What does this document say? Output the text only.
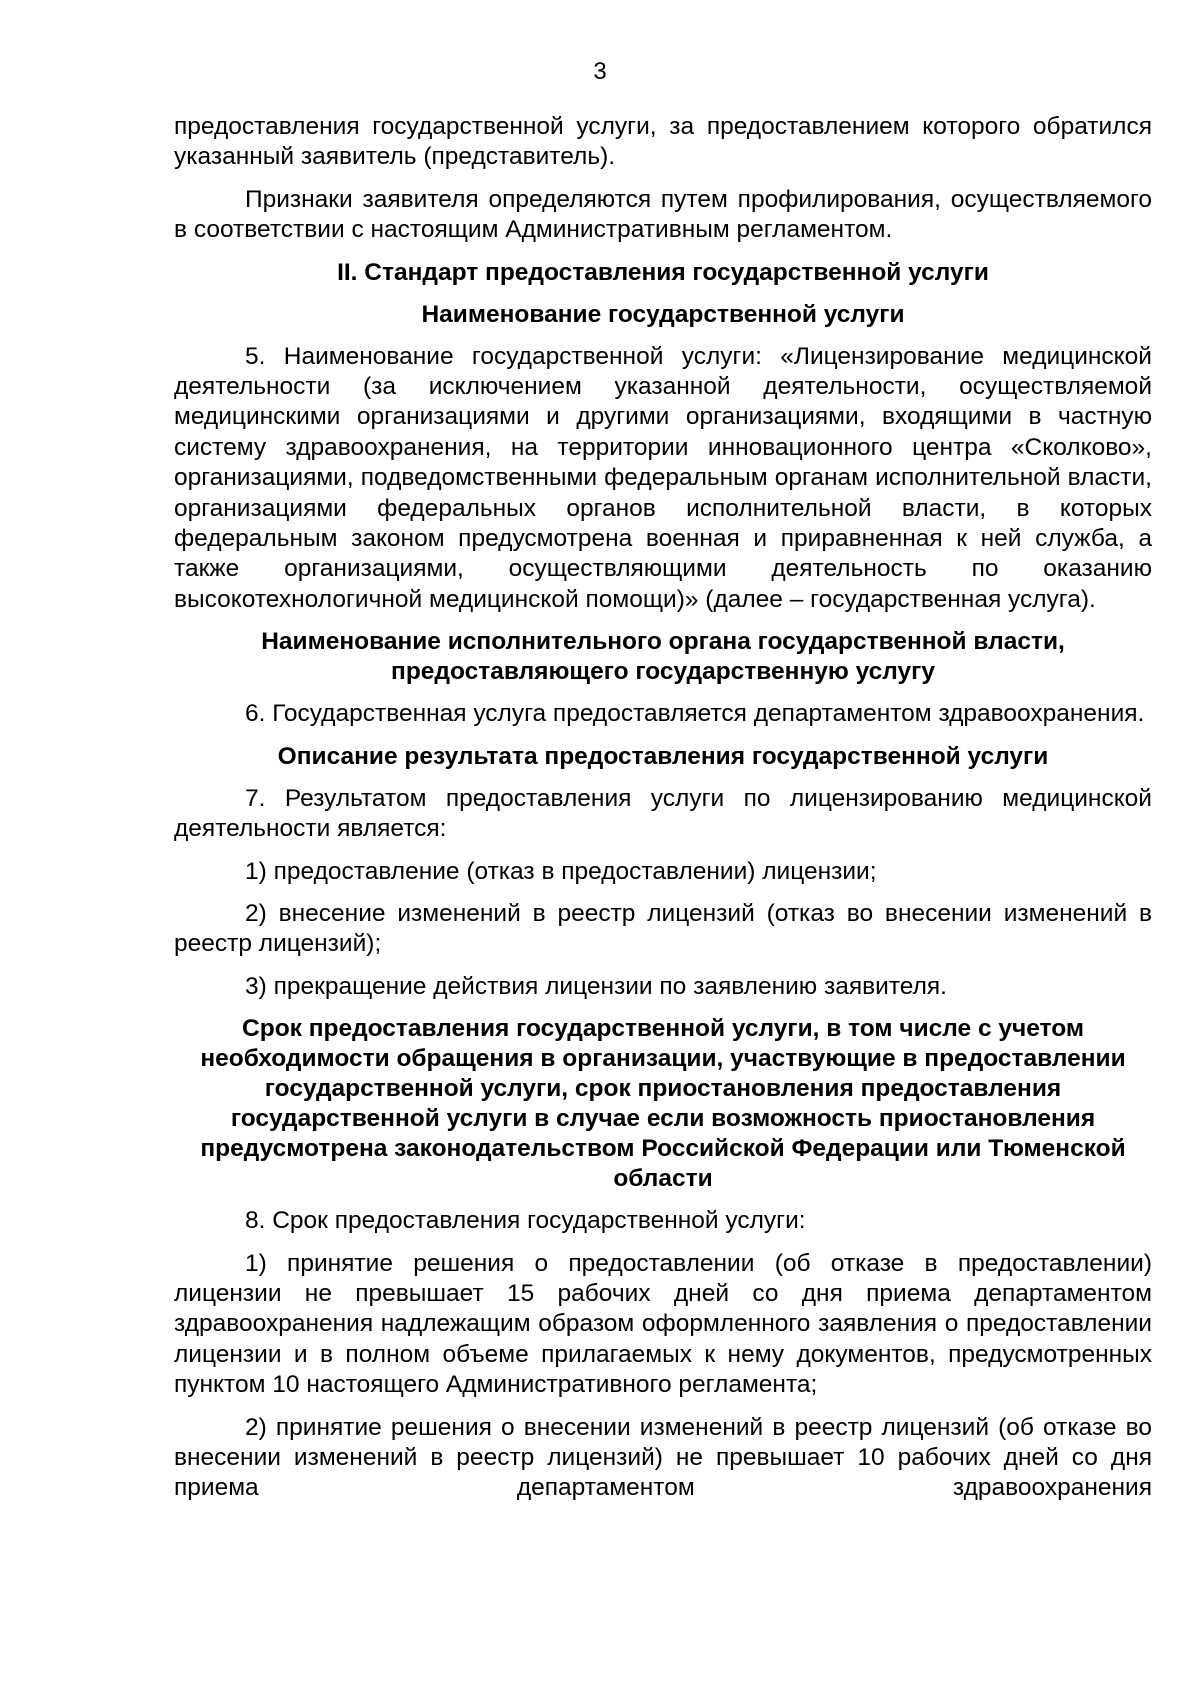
3

предоставления государственной услуги, за предоставлением которого обратился указанный заявитель (представитель).

Признаки заявителя определяются путем профилирования, осуществляемого в соответствии с настоящим Административным регламентом.

II. Стандарт предоставления государственной услуги
Наименование государственной услуги

5. Наименование государственной услуги: «Лицензирование медицинской деятельности (за исключением указанной деятельности, осуществляемой медицинскими организациями и другими организациями, входящими в частную систему здравоохранения, на территории инновационного центра «Сколково», организациями, подведомственными федеральным органам исполнительной власти, организациями федеральных органов исполнительной власти, в которых федеральным законом предусмотрена военная и приравненная к ней служба, а также организациями, осуществляющими деятельность по оказанию высокотехнологичной медицинской помощи)» (далее – государственная услуга).

Наименование исполнительного органа государственной власти, предоставляющего государственную услугу

6. Государственная услуга предоставляется департаментом здравоохранения.

Описание результата предоставления государственной услуги

7. Результатом предоставления услуги по лицензированию медицинской деятельности является:

1) предоставление (отказ в предоставлении) лицензии;

2) внесение изменений в реестр лицензий (отказ во внесении изменений в реестр лицензий);

3) прекращение действия лицензии по заявлению заявителя.

Срок предоставления государственной услуги, в том числе с учетом необходимости обращения в организации, участвующие в предоставлении государственной услуги, срок приостановления предоставления государственной услуги в случае если возможность приостановления предусмотрена законодательством Российской Федерации или Тюменской области

8. Срок предоставления государственной услуги:

1) принятие решения о предоставлении (об отказе в предоставлении) лицензии не превышает 15 рабочих дней со дня приема департаментом здравоохранения надлежащим образом оформленного заявления о предоставлении лицензии и в полном объеме прилагаемых к нему документов, предусмотренных пунктом 10 настоящего Административного регламента;

2) принятие решения о внесении изменений в реестр лицензий (об отказе во внесении изменений в реестр лицензий) не превышает 10 рабочих дней со дня приема департаментом здравоохранения
